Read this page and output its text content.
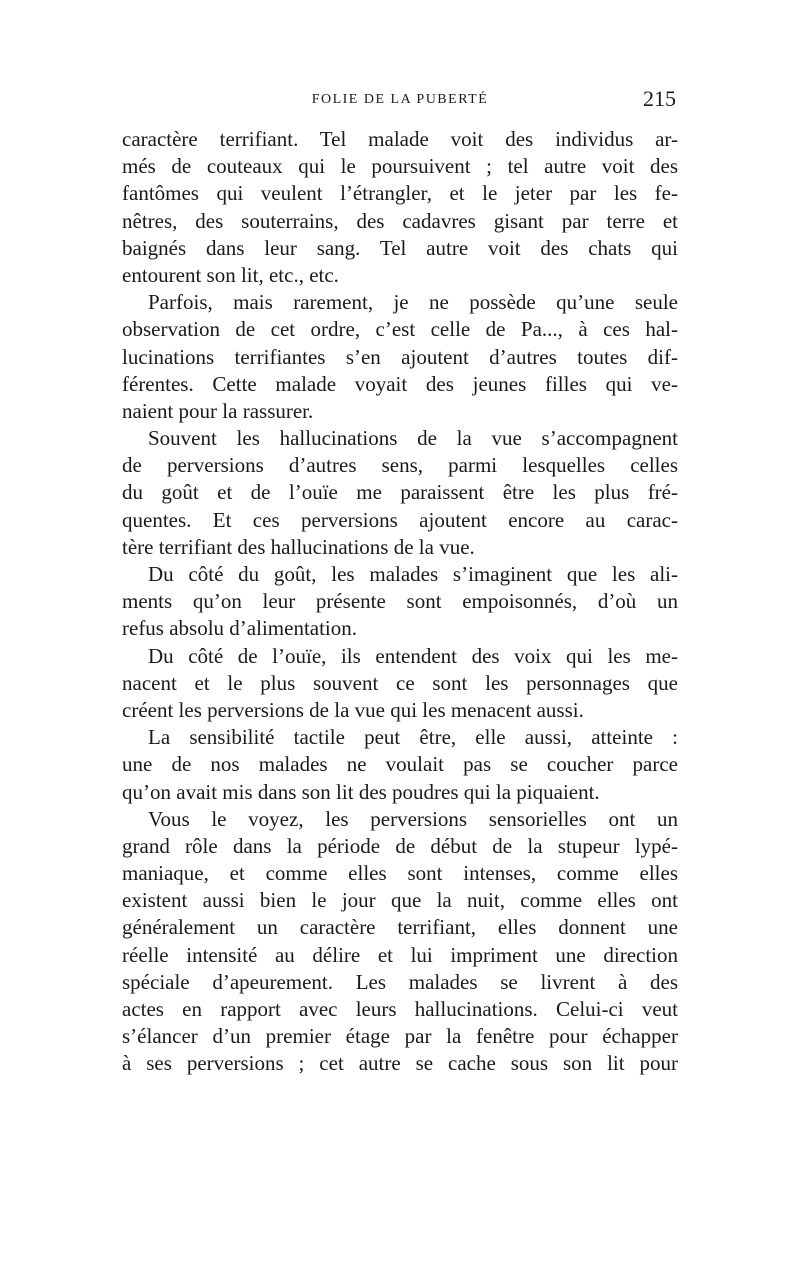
FOLIE DE LA PUBERTÉ	215
caractère terrifiant. Tel malade voit des individus ar-
més de couteaux qui le poursuivent ; tel autre voit des
fantômes qui veulent l’étrangler, et le jeter par les fe-
nêtres, des souterrains, des cadavres gisant par terre et
baignés dans leur sang. Tel autre voit des chats qui
entourent son lit, etc., etc.
Parfois, mais rarement, je ne possède qu’une seule
observation de cet ordre, c’est celle de Pa..., à ces hal-
lucinations terrifiantes s’en ajoutent d’autres toutes dif-
férentes. Cette malade voyait des jeunes filles qui ve-
naient pour la rassurer.
Souvent les hallucinations de la vue s’accompagnent
de perversions d’autres sens, parmi lesquelles celles
du goût et de l’ouïe me paraissent être les plus fré-
quentes. Et ces perversions ajoutent encore au carac-
tère terrifiant des hallucinations de la vue.
Du côté du goût, les malades s’imaginent que les ali-
ments qu’on leur présente sont empoisonnés, d’où un
refus absolu d’alimentation.
Du côté de l’ouïe, ils entendent des voix qui les me-
nacent et le plus souvent ce sont les personnages que
créent les perversions de la vue qui les menacent aussi.
La sensibilité tactile peut être, elle aussi, atteinte :
une de nos malades ne voulait pas se coucher parce
qu’on avait mis dans son lit des poudres qui la piquaient.
Vous le voyez, les perversions sensorielles ont un
grand rôle dans la période de début de la stupeur lypé-
maniaque, et comme elles sont intenses, comme elles
existent aussi bien le jour que la nuit, comme elles ont
généralement un caractère terrifiant, elles donnent une
réelle intensité au délire et lui impriment une direction
spéciale d’apeurement. Les malades se livrent à des
actes en rapport avec leurs hallucinations. Celui-ci veut
s’élancer d’un premier étage par la fenêtre pour échapper
à ses perversions ; cet autre se cache sous son lit pour
